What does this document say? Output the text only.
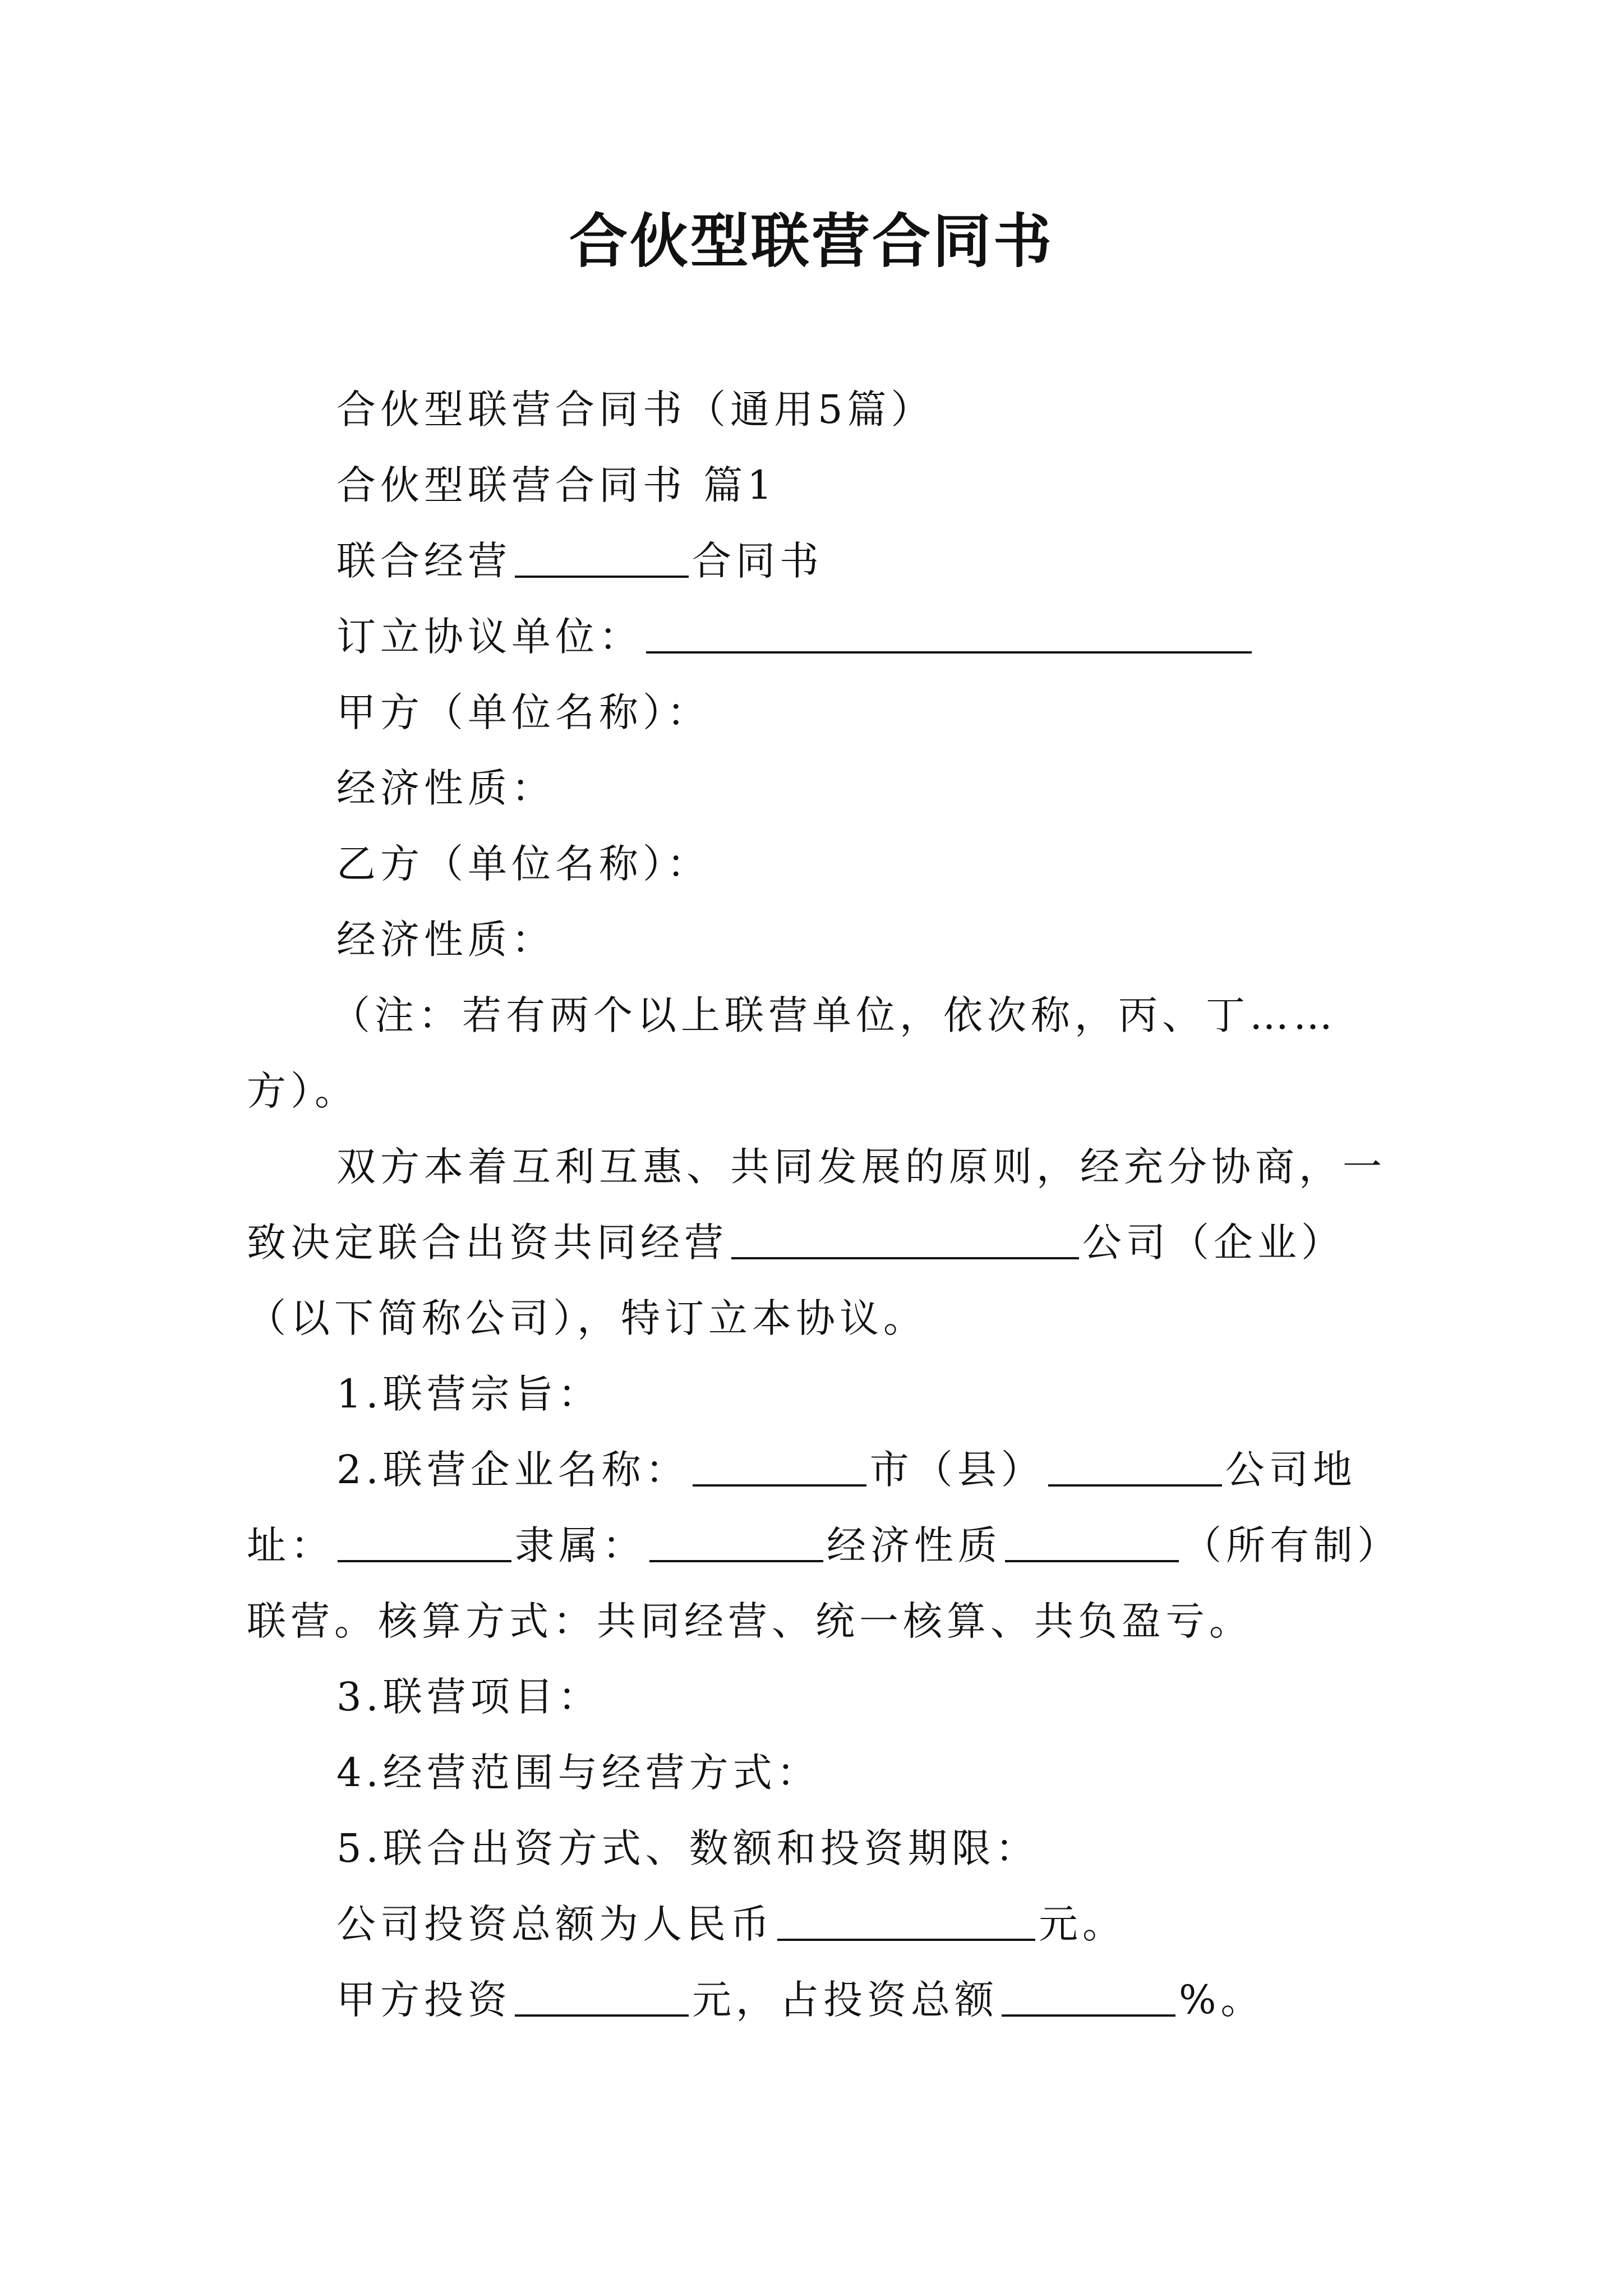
合伙型联营合同书
合伙型联营合同书（通用5篇）
合伙型联营合同书 篇1
联合经营	合同书
订立协议单位：
甲方（单位名称）：
经济性质：
乙方（单位名称）：
经济性质：
（注：若有两个以上联营单位，依次称，丙、丁……
方）。
双方本着互利互惠、共同发展的原则，经充分协商，一
致决定联合出资共同经营	公司（企业）
（以下简称公司），特订立本协议。
1.联营宗旨：
2.联营企业名称：	市（县）	公司地
址：	隶属：	经济性质	（所有制）
联营。核算方式：共同经营、统一核算、共负盈亏。
3.联营项目：
4.经营范围与经营方式：
5.联合出资方式、数额和投资期限：
公司投资总额为人民币	元。
甲方投资	元，占投资总额	%。
